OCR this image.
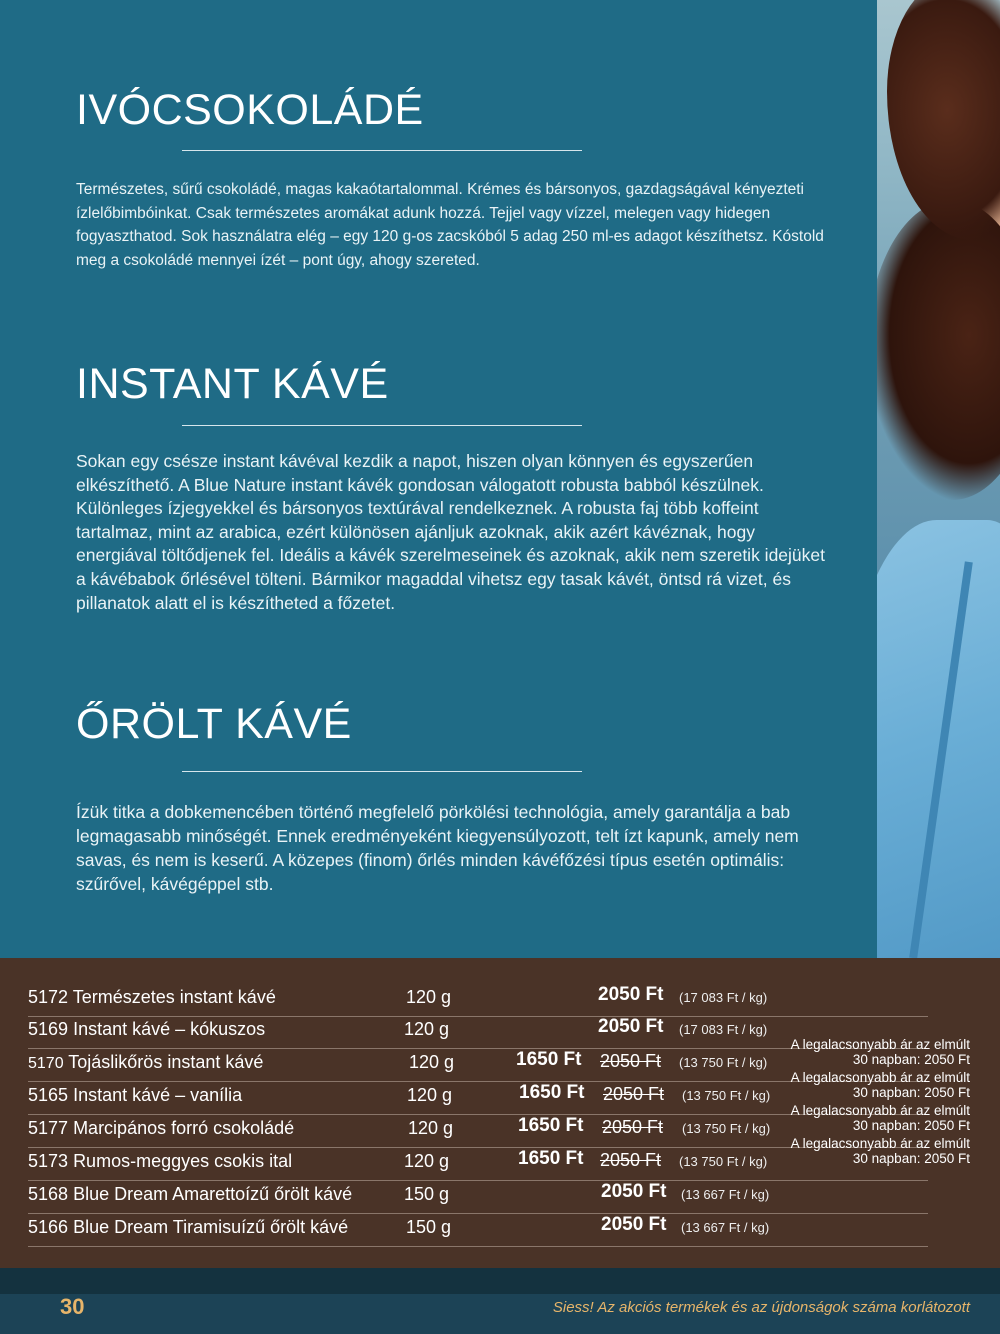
IVÓCSOKOLÁDÉ

Természetes, sűrű csokoládé, magas kakaótartalommal. Krémes és bársonyos, gazdagságával kényezteti ízlelőbimbóinkat. Csak természetes aromákat adunk hozzá. Tejjel vagy vízzel, melegen vagy hidegen fogyaszthatod. Sok használatra elég – egy 120 g-os zacskóból 5 adag 250 ml-es adagot készíthetsz. Kóstold meg a csokoládé mennyei ízét – pont úgy, ahogy szereted.

INSTANT KÁVÉ

Sokan egy csésze instant kávéval kezdik a napot, hiszen olyan könnyen és egyszerűen elkészíthető. A Blue Nature instant kávék gondosan válogatott robusta babból készülnek. Különleges ízjegyekkel és bársonyos textúrával rendelkeznek. A robusta faj több koffeint tartalmaz, mint az arabica, ezért különösen ajánljuk azoknak, akik azért kávéznak, hogy energiával töltődjenek fel. Ideális a kávék szerelmeseinek és azoknak, akik nem szeretik idejüket a kávébabok őrlésével tölteni. Bármikor magaddal vihetsz egy tasak kávét, öntsd rá vizet, és pillanatok alatt el is készítheted a főzetet.

ŐRÖLT KÁVÉ

Ízük titka a dobkemencében történő megfelelő pörkölési technológia, amely garantálja a bab legmagasabb minőségét. Ennek eredményeként kiegyensúlyozott, telt ízt kapunk, amely nem savas, és nem is keserű. A közepes (finom) őrlés minden kávéfőzési típus esetén optimális: szűrővel, kávégéppel stb.

5172 Természetes instant kávé	120 g	2050 Ft (17 083 Ft / kg)
5169 Instant kávé – kókuszos	120 g	2050 Ft (17 083 Ft / kg)
5170 Tojáslikőrös instant kávé	120 g	1650 Ft 2050 Ft (13 750 Ft / kg)
A legalacsonyabb ár az elmúlt 30 napban: 2050 Ft
5165 Instant kávé – vanília	120 g	1650 Ft 2050 Ft (13 750 Ft / kg)
A legalacsonyabb ár az elmúlt 30 napban: 2050 Ft
5177 Marcipános forró csokoládé	120 g	1650 Ft 2050 Ft (13 750 Ft / kg)
A legalacsonyabb ár az elmúlt 30 napban: 2050 Ft
5173 Rumos-meggyes csokis ital	120 g	1650 Ft 2050 Ft (13 750 Ft / kg)
A legalacsonyabb ár az elmúlt 30 napban: 2050 Ft
5168 Blue Dream Amarettoízű őrölt kávé	150 g	2050 Ft (13 667 Ft / kg)
5166 Blue Dream Tiramisuízű őrölt kávé	150 g	2050 Ft (13 667 Ft / kg)
30	Siess! Az akciós termékek és az újdonságok száma korlátozott
